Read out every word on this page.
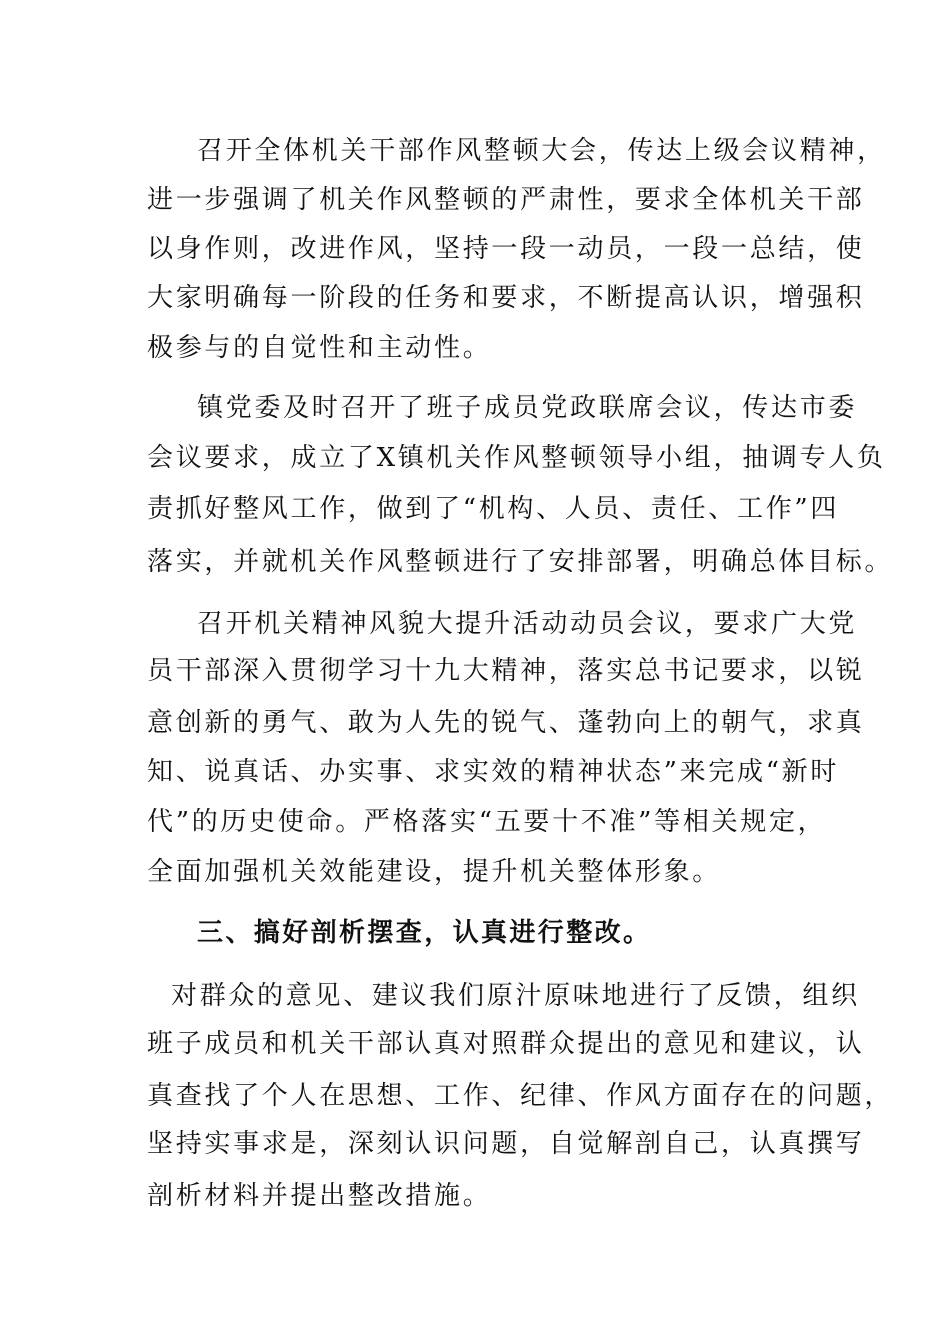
召开全体机关干部作风整顿大会，传达上级会议精神，
进一步强调了机关作风整顿的严肃性，要求全体机关干部
以身作则，改进作风，坚持一段一动员，一段一总结，使
大家明确每一阶段的任务和要求，不断提高认识，增强积
极参与的自觉性和主动性。
镇党委及时召开了班子成员党政联席会议，传达市委
会议要求，成立了X镇机关作风整顿领导小组，抽调专人负
责抓好整风工作，做到了“机构、人员、责任、工作”四
落实，并就机关作风整顿进行了安排部署，明确总体目标。
召开机关精神风貌大提升活动动员会议，要求广大党
员干部深入贯彻学习十九大精神，落实总书记要求，以锐
意创新的勇气、敢为人先的锐气、蓬勃向上的朝气，求真
知、说真话、办实事、求实效的精神状态”来完成“新时
代”的历史使命。严格落实“五要十不准”等相关规定，
全面加强机关效能建设，提升机关整体形象。
三、搞好剖析摆查，认真进行整改。
对群众的意见、建议我们原汁原味地进行了反馈，组织
班子成员和机关干部认真对照群众提出的意见和建议，认
真查找了个人在思想、工作、纪律、作风方面存在的问题，
坚持实事求是，深刻认识问题，自觉解剖自己，认真撰写
剖析材料并提出整改措施。
